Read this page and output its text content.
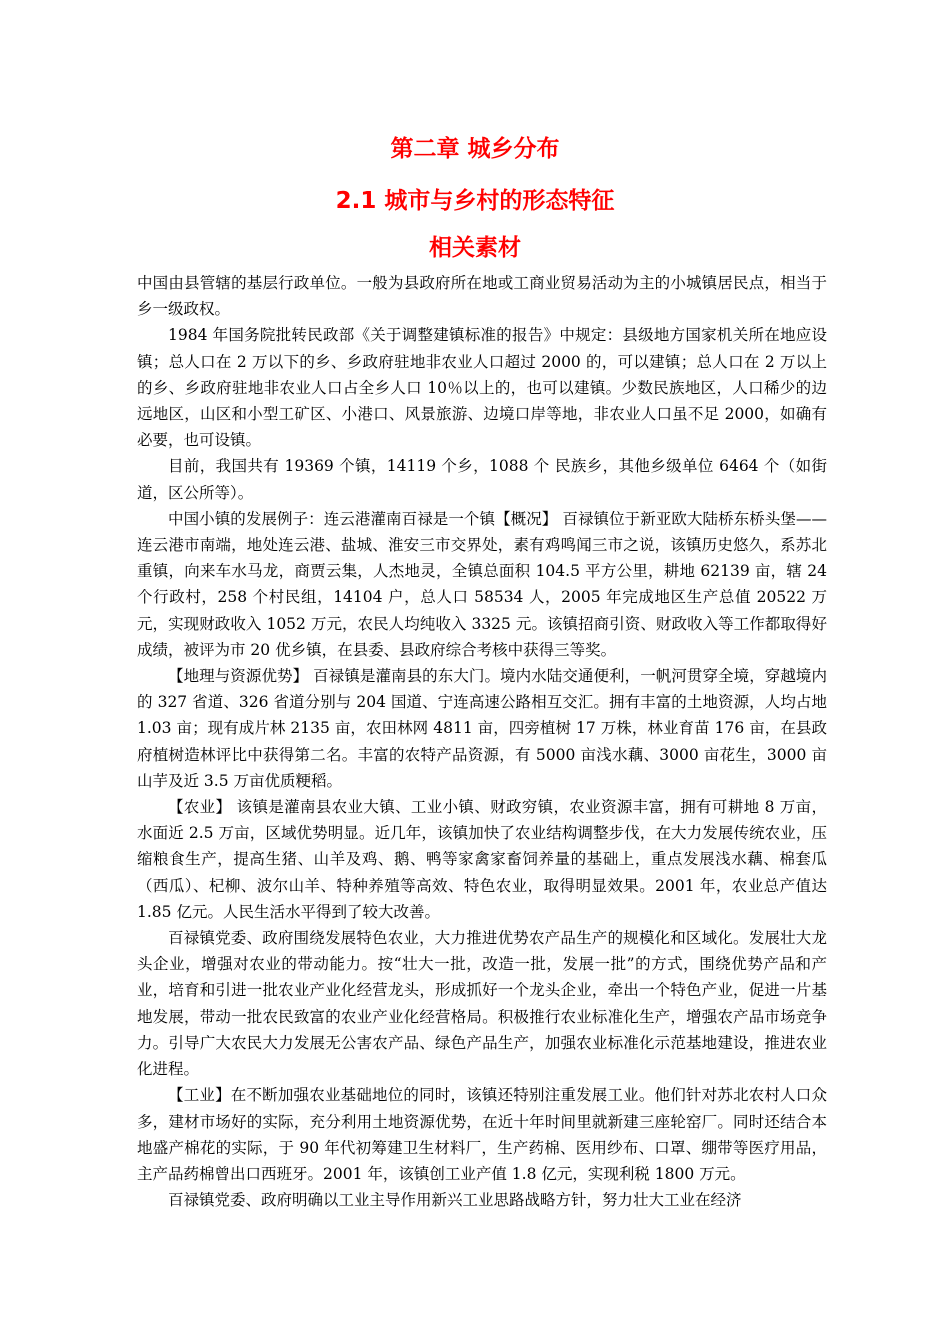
第二章 城乡分布
2.1 城市与乡村的形态特征
相关素材

中国由县管辖的基层行政单位。一般为县政府所在地或工商业贸易活动为主的小城镇居民点，相当于乡一级政权。

1984 年国务院批转民政部《关于调整建镇标准的报告》中规定：县级地方国家机关所在地应设镇；总人口在 2 万以下的乡、乡政府驻地非农业人口超过 2000 的，可以建镇；总人口在 2 万以上的乡、乡政府驻地非农业人口占全乡人口 10％以上的，也可以建镇。少数民族地区，人口稀少的边远地区，山区和小型工矿区、小港口、风景旅游、边境口岸等地，非农业人口虽不足 2000，如确有必要，也可设镇。

目前，我国共有 19369 个镇，14119 个乡，1088 个 民族乡，其他乡级单位 6464 个（如街道，区公所等）。

中国小镇的发展例子：连云港灌南百禄是一个镇【概况】 百禄镇位于新亚欧大陆桥东桥头堡——连云港市南端，地处连云港、盐城、淮安三市交界处，素有鸡鸣闻三市之说，该镇历史悠久，系苏北重镇，向来车水马龙，商贾云集，人杰地灵，全镇总面积 104.5 平方公里，耕地 62139 亩，辖 24 个行政村，258 个村民组，14104 户，总人口 58534 人，2005 年完成地区生产总值 20522 万元，实现财政收入 1052 万元，农民人均纯收入 3325 元。该镇招商引资、财政收入等工作都取得好成绩，被评为市 20 优乡镇，在县委、县政府综合考核中获得三等奖。

【地理与资源优势】 百禄镇是灌南县的东大门。境内水陆交通便利，一帆河贯穿全境，穿越境内的 327 省道、326 省道分别与 204 国道、宁连高速公路相互交汇。拥有丰富的土地资源，人均占地 1.03 亩；现有成片林 2135 亩，农田林网 4811 亩，四旁植树 17 万株，林业育苗 176 亩，在县政府植树造林评比中获得第二名。丰富的农特产品资源，有 5000 亩浅水藕、3000 亩花生，3000 亩山芋及近 3.5 万亩优质粳稻。

【农业】 该镇是灌南县农业大镇、工业小镇、财政穷镇，农业资源丰富，拥有可耕地 8 万亩，水面近 2.5 万亩，区域优势明显。近几年，该镇加快了农业结构调整步伐，在大力发展传统农业，压缩粮食生产，提高生猪、山羊及鸡、鹅、鸭等家禽家畜饲养量的基础上，重点发展浅水藕、棉套瓜（西瓜）、杞柳、波尔山羊、特种养殖等高效、特色农业，取得明显效果。2001 年，农业总产值达 1.85 亿元。人民生活水平得到了较大改善。

百禄镇党委、政府围绕发展特色农业，大力推进优势农产品生产的规模化和区域化。发展壮大龙头企业，增强对农业的带动能力。按“壮大一批，改造一批，发展一批”的方式，围绕优势产品和产业，培育和引进一批农业产业化经营龙头，形成抓好一个龙头企业，牵出一个特色产业，促进一片基地发展，带动一批农民致富的农业产业化经营格局。积极推行农业标准化生产，增强农产品市场竞争力。引导广大农民大力发展无公害农产品、绿色产品生产，加强农业标准化示范基地建设，推进农业化进程。

【工业】在不断加强农业基础地位的同时，该镇还特别注重发展工业。他们针对苏北农村人口众多，建材市场好的实际，充分利用土地资源优势，在近十年时间里就新建三座轮窑厂。同时还结合本地盛产棉花的实际，于 90 年代初筹建卫生材料厂，生产药棉、医用纱布、口罩、绷带等医疗用品，主产品药棉曾出口西班牙。2001 年，该镇创工业产值 1.8 亿元，实现利税 1800 万元。

百禄镇党委、政府明确以工业主导作用新兴工业思路战略方针，努力壮大工业在经济
